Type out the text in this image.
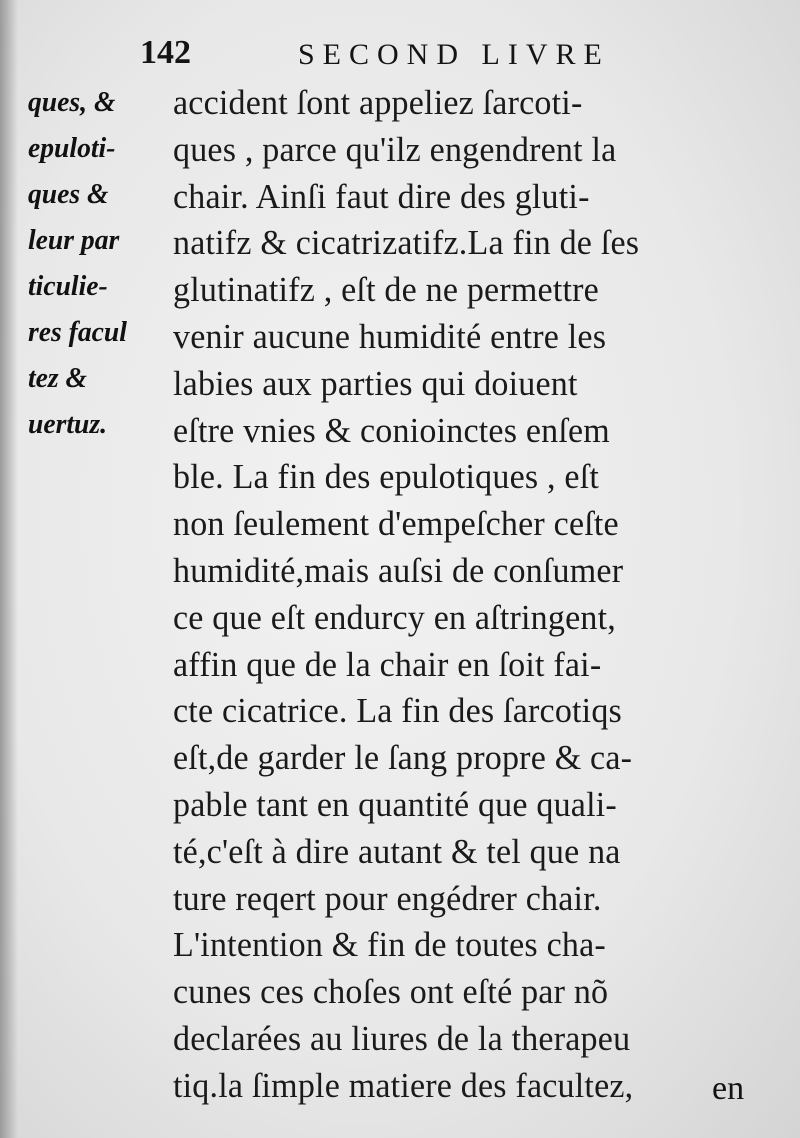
142	SECOND LIVRE
ques, &
epuloti-
ques &
leur par
ticulie-
res facul
tez &
uertuz.
accident ſont appeliez ſarcoti-
ques , parce qu'ilz engendrent la
chair. Ainſi faut dire des gluti-
natifz & cicatrizatifz.La fin de ſes
glutinatifz , eſt de ne permettre
venir aucune humidité entre les
labies aux parties qui doiuent
eſtre vnies & conioinctes enſem
ble. La fin des epulotiques , eſt
non ſeulement d'empeſcher ceſte
humidité,mais auſsi de conſumer
ce que eſt endurcy en aſtringent,
affin que de la chair en ſoit fai-
cte cicatrice. La fin des ſarcotiqs
eſt,de garder le ſang propre & ca-
pable tant en quantité que quali-
té,c'eſt à dire autant & tel que na
ture reqert pour engédrer chair.
L'intention & fin de toutes cha-
cunes ces choſes ont eſté par nõ
declarées au liures de la therapeu
tiq.la ſimple matiere des facultez,	en
